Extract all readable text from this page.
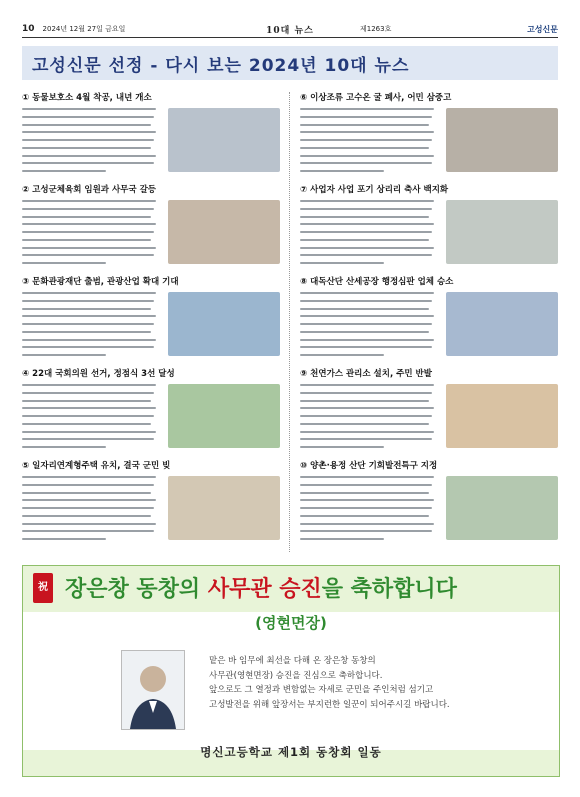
10 2024년 12월 27일 금요일	10대 뉴스	제1263호	고성신문
고성신문 선정 - 다시 보는 2024년 10대 뉴스
① 동물보호소 4월 착공, 내년 개소
② 고성군체육회 임원과 사무국 갈등
③ 문화관광재단 출범, 관광산업 확대 기대
④ 22대 국회의원 선거, 정점식 3선 달성
⑤ 일자리연계형주택 유치, 결국 군민 빚
⑥ 이상조류 고수온 굴 폐사, 어민 삼중고
⑦ 사업자 사업 포기 상리리 축사 백지화
⑧ 대독산단 산세공장 행정심판 업체 승소
⑨ 천연가스 관리소 설치, 주민 반발
⑩ 양촌·용정 산단 기회발전특구 지정
祝 장은창 동창의 사무관 승진을 축하합니다
(영현면장)
맡은 바 임무에 최선을 다해 온 장은창 동창의
사무관(영현면장) 승진을 진심으로 축하합니다.
앞으로도 그 열정과 변함없는 자세로 군민을 주인처럼 섬기고
고성발전을 위해 앞장서는 부지런한 일꾼이 되어주시길 바랍니다.
명신고등학교 제1회 동창회 일동
